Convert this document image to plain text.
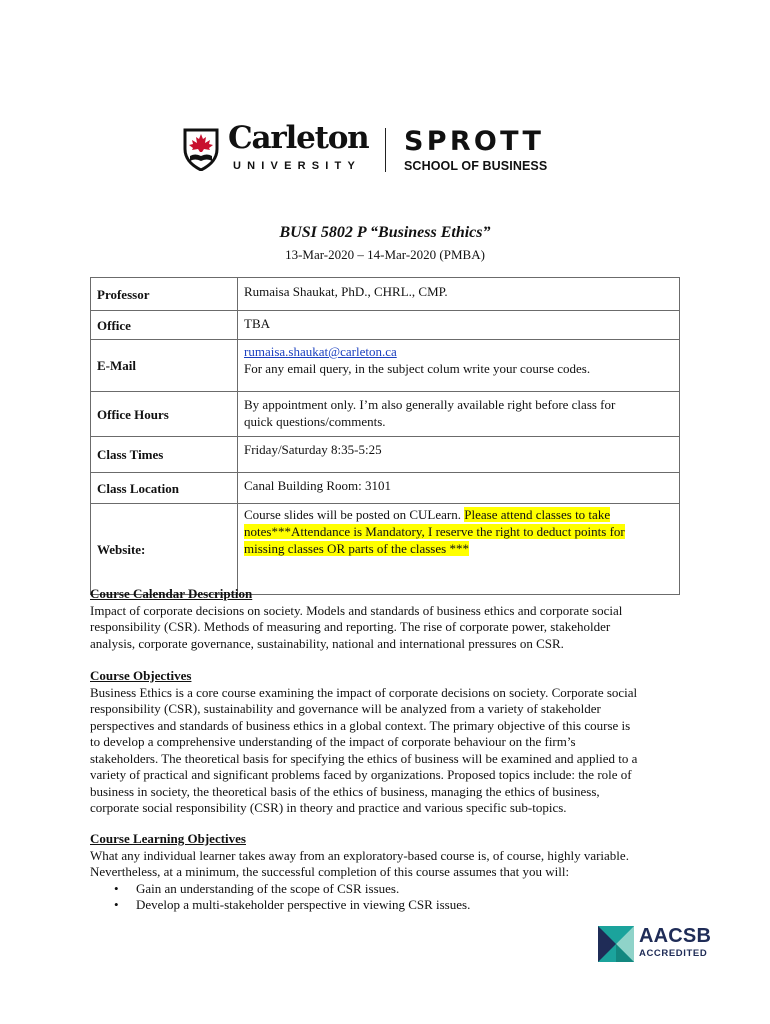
Carleton
UNIVERSITY
SPROTT
SCHOOL OF BUSINESS
BUSI 5802 P “Business Ethics”
13-Mar-2020 – 14-Mar-2020 (PMBA)
Professor	Rumaisa Shaukat, PhD., CHRL., CMP.
Office	TBA
E-Mail	rumaisa.shaukat@carleton.ca
For any email query, in the subject colum write your course codes.

Office Hours	By appointment only. I’m also generally available right before class for
quick questions/comments.

Class Times	Friday/Saturday 8:35-5:25
Class Location	Canal Building Room: 3101
Website:	Course slides will be posted on CULearn. Please attend classes to take
notes***Attendance is Mandatory, I reserve the right to deduct points for
missing classes OR parts of the classes ***
Course Calendar Description

Impact of corporate decisions on society. Models and standards of business ethics and corporate social

responsibility (CSR). Methods of measuring and reporting. The rise of corporate power, stakeholder

analysis, corporate governance, sustainability, national and international pressures on CSR.

Course Objectives

Business Ethics is a core course examining the impact of corporate decisions on society. Corporate social

responsibility (CSR), sustainability and governance will be analyzed from a variety of stakeholder

perspectives and standards of business ethics in a global context. The primary objective of this course is

to develop a comprehensive understanding of the impact of corporate behaviour on the firm’s

stakeholders. The theoretical basis for specifying the ethics of business will be examined and applied to a

variety of practical and significant problems faced by organizations. Proposed topics include: the role of

business in society, the theoretical basis of the ethics of business, managing the ethics of business,

corporate social responsibility (CSR) in theory and practice and various specific sub-topics.

Course Learning Objectives

What any individual learner takes away from an exploratory-based course is, of course, highly variable.

Nevertheless, at a minimum, the successful completion of this course assumes that you will:

• Gain an understanding of the scope of CSR issues.
• Develop a multi-stakeholder perspective in viewing CSR issues.
AACSB
ACCREDITED
